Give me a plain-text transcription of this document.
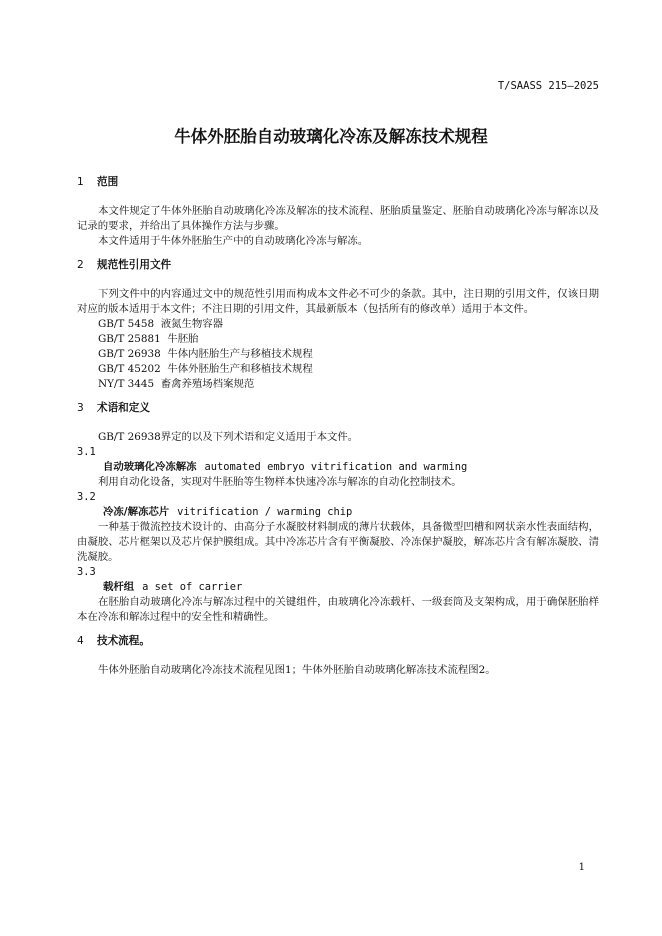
T/SAASS 215—2025
牛体外胚胎自动玻璃化冷冻及解冻技术规程
1 范围

本文件规定了牛体外胚胎自动玻璃化冷冻及解冻的技术流程、胚胎质量鉴定、胚胎自动玻璃化冷冻与解冻以及记录的要求，并给出了具体操作方法与步骤。

本文件适用于牛体外胚胎生产中的自动玻璃化冷冻与解冻。

2 规范性引用文件

下列文件中的内容通过文中的规范性引用而构成本文件必不可少的条款。其中，注日期的引用文件，仅该日期对应的版本适用于本文件；不注日期的引用文件，其最新版本（包括所有的修改单）适用于本文件。

GB/T 5458  液氮生物容器

GB/T 25881  牛胚胎

GB/T 26938  牛体内胚胎生产与移植技术规程

GB/T 45202  牛体外胚胎生产和移植技术规程

NY/T 3445  畜禽养殖场档案规范

3 术语和定义

GB/T 26938界定的以及下列术语和定义适用于本文件。

3.1
自动玻璃化冷冻解冻 automated embryo vitrification and warming

利用自动化设备，实现对牛胚胎等生物样本快速冷冻与解冻的自动化控制技术。

3.2
冷冻/解冻芯片 vitrification / warming chip

一种基于微流控技术设计的、由高分子水凝胶材料制成的薄片状载体，具备微型凹槽和网状亲水性表面结构，由凝胶、芯片框架以及芯片保护膜组成。其中冷冻芯片含有平衡凝胶、冷冻保护凝胶，解冻芯片含有解冻凝胶、清洗凝胶。

3.3
载杆组 a set of carrier

在胚胎自动玻璃化冷冻与解冻过程中的关键组件，由玻璃化冷冻载杆、一级套筒及支架构成，用于确保胚胎样本在冷冻和解冻过程中的安全性和精确性。

4 技术流程。

牛体外胚胎自动玻璃化冷冻技术流程见图1；牛体外胚胎自动玻璃化解冻技术流程图2。

1
